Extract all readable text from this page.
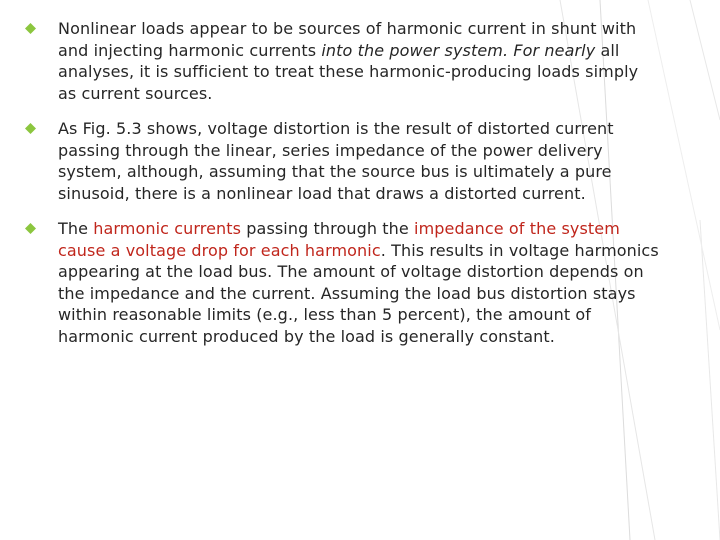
Nonlinear loads appear to be sources of harmonic current in shunt with and injecting harmonic currents into the power system. For nearly all analyses, it is sufficient to treat these harmonic-producing loads simply as current sources.
As Fig. 5.3 shows, voltage distortion is the result of distorted current passing through the linear, series impedance of the power delivery system, although, assuming that the source bus is ultimately a pure sinusoid, there is a nonlinear load that draws a distorted current.
The harmonic currents passing through the impedance of the system cause a voltage drop for each harmonic. This results in voltage harmonics appearing at the load bus. The amount of voltage distortion depends on the impedance and the current. Assuming the load bus distortion stays within reasonable limits (e.g., less than 5 percent), the amount of harmonic current produced by the load is generally constant.
